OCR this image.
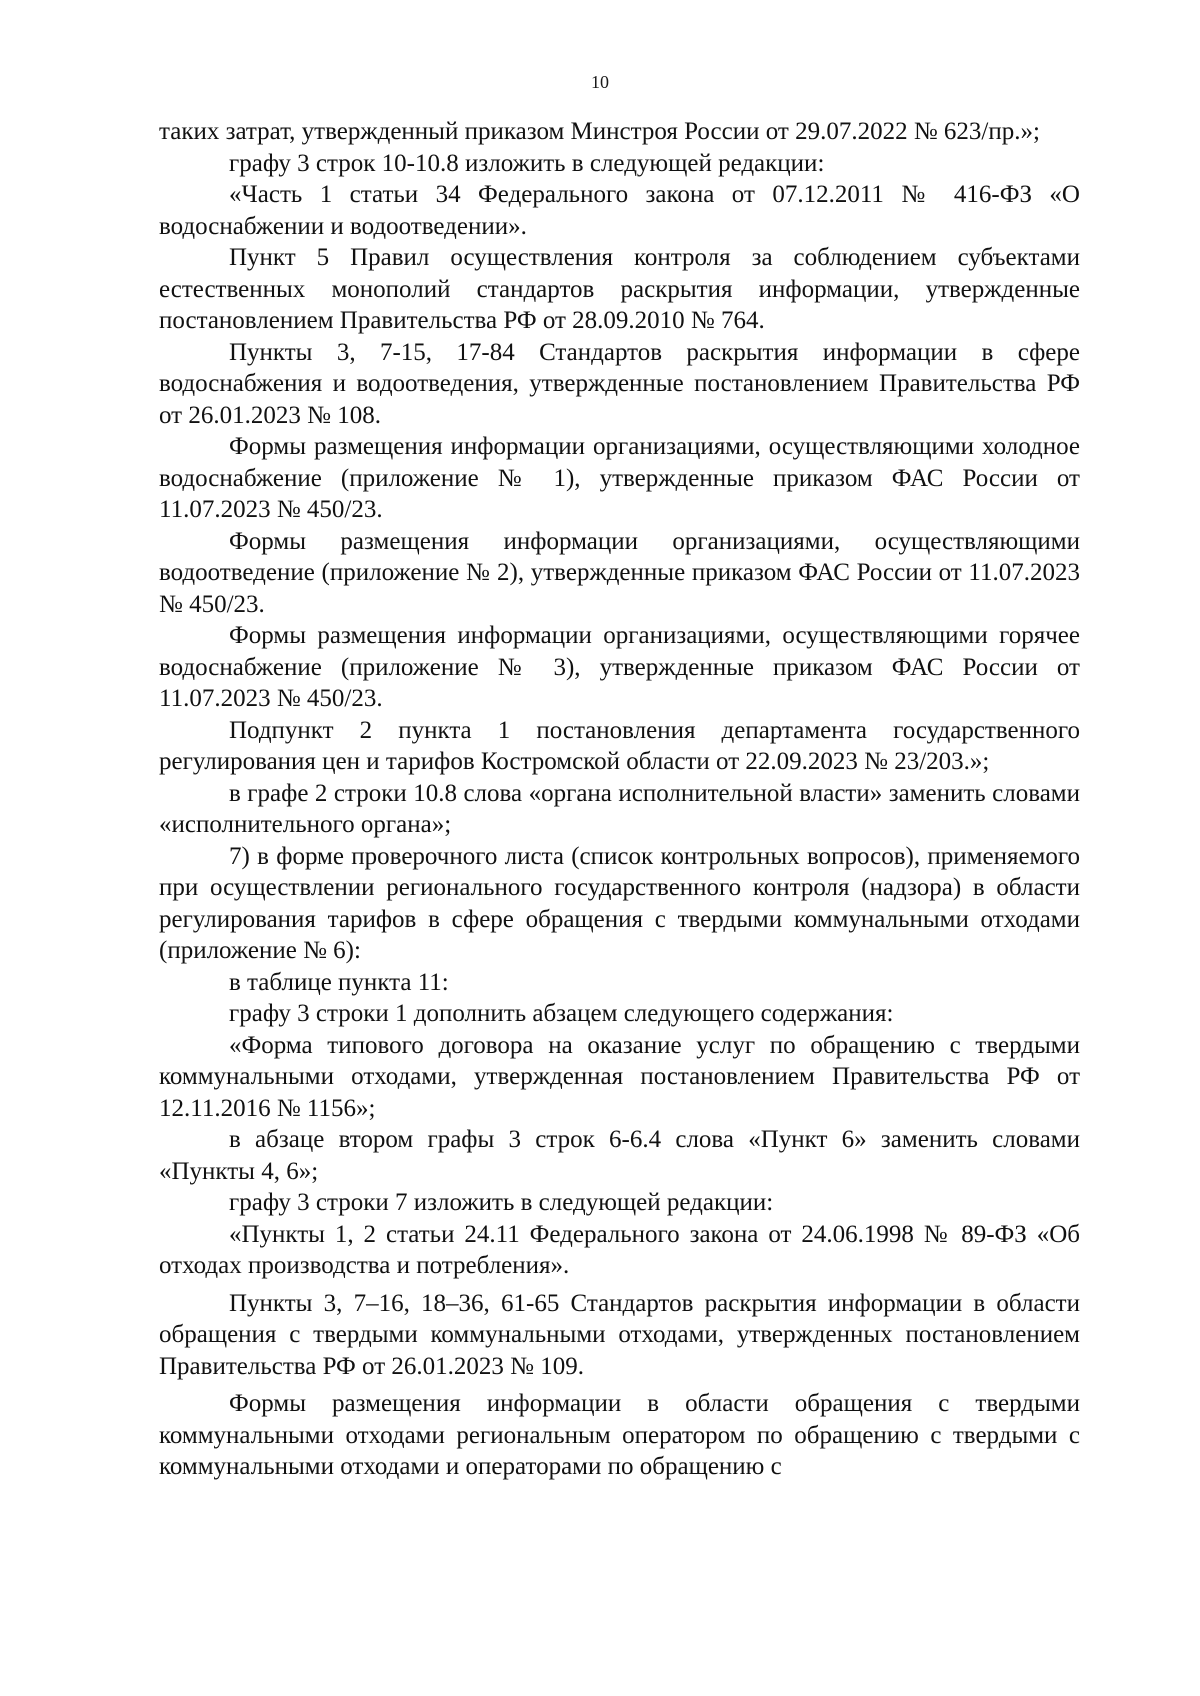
10

таких затрат, утвержденный приказом Минстроя России от 29.07.2022 № 623/пр.»;

графу 3 строк 10-10.8 изложить в следующей редакции:

«Часть 1 статьи 34 Федерального закона от 07.12.2011 № 416-ФЗ «О водоснабжении и водоотведении».

Пункт 5 Правил осуществления контроля за соблюдением субъектами естественных монополий стандартов раскрытия информации, утвержденные постановлением Правительства РФ от 28.09.2010 № 764.

Пункты 3, 7-15, 17-84 Стандартов раскрытия информации в сфере водоснабжения и водоотведения, утвержденные постановлением Правительства РФ от 26.01.2023 № 108.

Формы размещения информации организациями, осуществляющими холодное водоснабжение (приложение № 1), утвержденные приказом ФАС России от 11.07.2023 № 450/23.

Формы размещения информации организациями, осуществляющими водоотведение (приложение № 2), утвержденные приказом ФАС России от 11.07.2023 № 450/23.

Формы размещения информации организациями, осуществляющими горячее водоснабжение (приложение № 3), утвержденные приказом ФАС России от 11.07.2023 № 450/23.

Подпункт 2 пункта 1 постановления департамента государственного регулирования цен и тарифов Костромской области от 22.09.2023 № 23/203.»;

в графе 2 строки 10.8 слова «органа исполнительной власти» заменить словами «исполнительного органа»;

7) в форме проверочного листа (список контрольных вопросов), применяемого при осуществлении регионального государственного контроля (надзора) в области регулирования тарифов в сфере обращения с твердыми коммунальными отходами (приложение № 6):

в таблице пункта 11:

графу 3 строки 1 дополнить абзацем следующего содержания:

«Форма типового договора на оказание услуг по обращению с твердыми коммунальными отходами, утвержденная постановлением Правительства РФ от 12.11.2016 № 1156»;

в абзаце втором графы 3 строк 6-6.4 слова «Пункт 6» заменить словами «Пункты 4, 6»;

графу 3 строки 7 изложить в следующей редакции:

«Пункты 1, 2 статьи 24.11 Федерального закона от 24.06.1998 № 89-ФЗ «Об отходах производства и потребления».

Пункты 3, 7–16, 18–36, 61-65 Стандартов раскрытия информации в области обращения с твердыми коммунальными отходами, утвержденных постановлением Правительства РФ от 26.01.2023 № 109.

Формы размещения информации в области обращения с твердыми коммунальными отходами региональным оператором по обращению с твердыми с коммунальными отходами и операторами по обращению с
